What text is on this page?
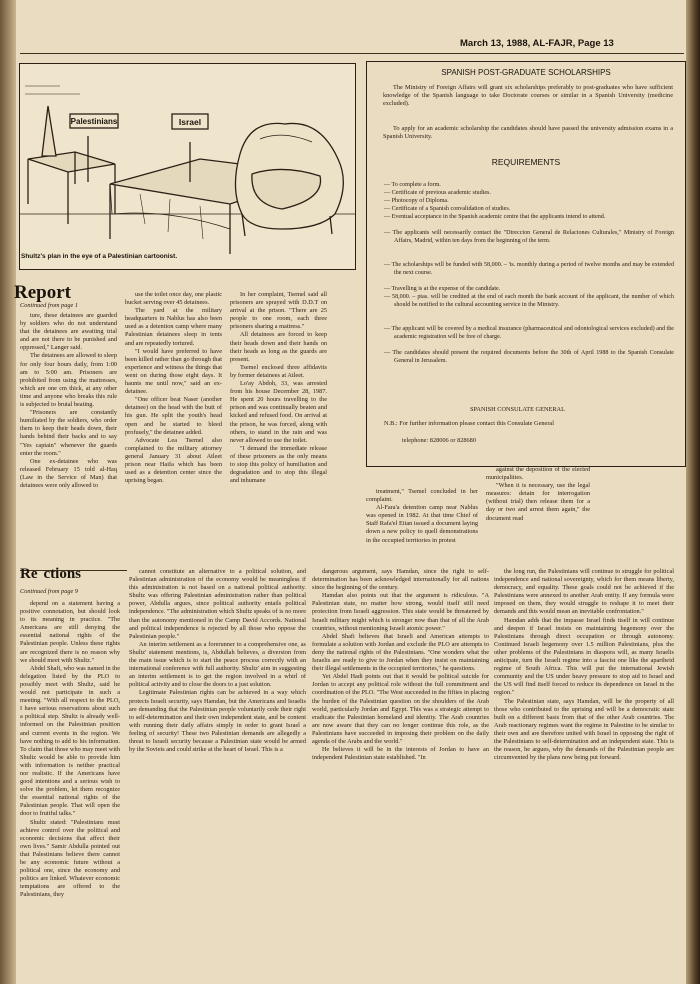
March 13, 1988, AL-FAJR, Page 13
Palestinians	Israel
Shultz's plan in the eye of a Palestinian cartoonist.
SPANISH POST-GRADUATE SCHOLARSHIPS
The Ministry of Foreign Affairs will grant six scholarships preferably to post-graduates who have sufficient knowledge of the Spanish language to take Doctorate courses or similar in a Spanish University (medicine excluded).
To apply for an academic scholarship the candidates should have passed the university admission exams in a Spanish University.
REQUIREMENTS
— To complete a form.
— Certificate of previous academic studies.
— Photocopy of Diploma.
— Certificate of a Spanish convalidation of studies.
— Eventual acceptance in the Spanish academic centre that the applicants intend to attend.
— The applicants will necessarily contact the "Direccion General de Relaciones Culturales," Ministry of Foreign Affairs, Madrid, within ten days from the beginning of the term.
— The scholarships will be funded with 58,000. – 'ts. monthly during a period of twelve months and may be extended the next course.
— Travelling is at the expense of the candidate.
— 58,000. – ptas. will be credited at the end of each month the bank account of the applicant, the number of which should be notified to the cultural accounting service in the Ministry.
— The applicant will be covered by a medical insurance (pharmaceutical and odontological services excluded) and the academic registration will be free of charge.
— The candidates should present the required documents before the 30th of April 1988 to the Spanish Consulate General in Jerusalem.
SPANISH CONSULATE GENERAL
N.B.: For further information please contact this Consulate General
telephone: 828006 or 828680
Report
Continued from page 1

ture, these detainees are guarded by soldiers who do not understand that the detainees are awaiting trial and are not there to be punished and oppressed," Langer said.

The detainees are allowed to sleep for only four hours daily, from 1:00 am to 5:00 am. Prisoners are prohibited from using the mattresses, which are one cm thick, at any other time and anyone who breaks this rule is subjected to brutal beating.

"Prisoners are constantly humiliated by the soldiers, who order them to keep their heads down, their hands behind their backs and to say "Yes captain" whenever the guards enter the room."

One ex-detainee who was released February 15 told al-Haq (Law in the Service of Man) that detainees were only allowed to

use the toilet once day, one plastic bucket serving over 45 detainees.

The yard at the military headquarters in Nablus has also been used as a detention camp where many Palestinian detainees sleep in tents and are repeatedly tortured.

"I would have preferred to have been killed rather than go through that experience and witness the things that went on during those eight days. It haunts me until now," said an ex-detainee.

"One officer beat Naser (another detainee) on the head with the butt of his gun. He split the youth's head open and he started to bleed profusely," the detainee added.

Advocate Lea Tsemel also complained to the military attorney general January 31 about Atleet prison near Haifa which has been used as a detention center since the uprising began.

In her complaint, Tsemel said all prisoners are sprayed with D.D.T on arrival at the prison. "There are 25 people to one room, each three prisoners sharing a mattress."

All detainees are forced to keep their heads down and their hands on their heads as long as the guards are present.

Tsemel enclosed three affidavits by former detainees at Atleet.

Lo'ay Abdoh, 33, was arrested from his house December 28, 1987. He spent 20 hours travelling to the prison and was continually beaten and kicked and refused food. On arrival at the prison, he was forced, along with others, to stand in the rain and was never allowed to use the toilet.

"I demand the immediate release of these prisoners as the only means to stop this policy of humiliation and degradation and to stop this illegal and inhumane

treatment," Tsemel concluded in her complaint.

Al-Fara'a detention camp near Nablus was opened in 1982. At that time Chief of Staff Rafa'el Eitan issued a document laying down a new policy to quell demonstrations in the occupied territories in protest

against the deposition of the elected municipalities.

"When it is necessary, use the legal measures: detain for interrogation (without trial) then release them for a day or two and arrest them again," the document read

Re ctions
Continued from page 9

depend on a statement having a positive connotation, but should look to its meaning in practice. "The Americans are still denying the essential national rights of the Palestinian people. Unless these rights are recognized there is no reason why we should meet with Shultz."

Abdel Shafi, who was named in the delegation listed by the PLO to possibly meet with Shultz, said he would not participate in such a meeting. "With all respect to the PLO, I have serious reservations about such a political step. Shultz is already well-informed on the Palestinian position and current events in the region. We have nothing to add to his information. To claim that those who may meet with Shultz would be able to provide him with information is neither practical nor realistic. If the Americans have good intentions and a serious wish to solve the problem, let them recognize the essential national rights of the Palestinian people. That will open the door to fruitful talks."

Shultz stated: "Palestinians must achieve control over the political and economic decisions that affect their own lives." Samir Abdulla pointed out that Palestinians believe there cannot be any economic future without a political one, since the economy and politics are linked. Whatever economic temptations are offered to the Palestinians, they

cannot constitute an alternative to a political solution, and Palestinian administration of the economy would be meaningless if this administration is not based on a national political authority. Shultz was offering Palestinian administration rather than political power, Abdulla argues, since political authority entails political independence. "The administration which Shultz speaks of is no more than the autonomy mentioned in the Camp David Accords. National and political independence is rejected by all those who oppose the Palestinian people."

An interim settlement as a forerunner to a comprehensive one, as Shultz' statement mentions, is, Abdullah believes, a diversion from the main issue which is to start the peace process correctly with an international conference with full authority. Shultz' aim in suggesting an interim settlement is to get the region involved in a whirl of political activity and to close the doors to a just solution.

Legitimate Palestinian rights can be achieved in a way which protects Israeli security, says Hamdan, but the Americans and Israelis are demanding that the Palestinian people voluntarily cede their right to self-determination and their own independent state, and be content with running their daily affairs simply in order to grant Israel a feeling of security! These two Palestinian demands are allegedly a threat to Israeli security because a Palestinian state would be armed by the Soviets and could strike at the heart of Israel. This is a

dangerous argument, says Hamdan, since the right to self-determination has been acknowledged internationally for all nations since the beginning of the century.

Hamdan also points out that the argument is ridiculous. "A Palestinian state, no matter how strong, would itself still need protection from Israeli aggression. This state would be threatened by Israeli military might which is stronger now than that of all the Arab countries, without mentioning Israeli atomic power."

Abdel Shafi believes that Israeli and American attempts to formulate a solution with Jordan and exclude the PLO are attempts to deny the national rights of the Palestinians. "One wonders what the Israelis are ready to give to Jordan when they insist on maintaining their illegal settlements in the occupied territories," he questions.

Yet Abdel Hadi points out that it would be political suicide for Jordan to accept any political role without the full commitment and coordination of the PLO. "The West succeeded in the fifties in placing the burden of the Palestinian question on the shoulders of the Arab world, particularly Jordan and Egypt. This was a strategic attempt to eradicate the Palestinian homeland and identity. The Arab countries are now aware that they can no longer continue this role, as the Palestinians have succeeded in imposing their problem on the daily agenda of the Arabs and the world."

He believes it will be in the interests of Jordan to have an independent Palestinian state established. "In

the long run, the Palestinians will continue to struggle for political independence and national sovereignty, which for them means liberty, democracy, and equality. These goals could not be achieved if the Palestinians were annexed to another Arab entity. If any formula were imposed on them, they would struggle to reshape it to meet their demands and this would mean an inevitable confrontation."

Hamdan adds that the impasse Israel finds itself in will continue and deepen if Israel insists on maintaining hegemony over the Palestinians through direct occupation or through autonomy. Continued Israeli hegemony over 1.5 million Palestinians, plus the other problems of the Palestinians in diaspora will, as many Israelis anticipate, turn the Israeli regime into a fascist one like the apartheid regime of South Africa. This will put the international Jewish community and the US under heavy pressure to stop aid to Israel and the US will find itself forced to reduce its dependence on Israel in the region."

The Palestinian state, says Hamdan, will be the property of all those who contributed to the uprising and will be a democratic state built on a different basis from that of the other Arab countries. The Arab reactionary regimes want the regime in Palestine to be similar to their own and are therefore united with Israel in opposing the right of the Palestinians to self-determination and an independent state. This is the reason, he argues, why the demands of the Palestinian people are circumvented by the plans now being put forward.
